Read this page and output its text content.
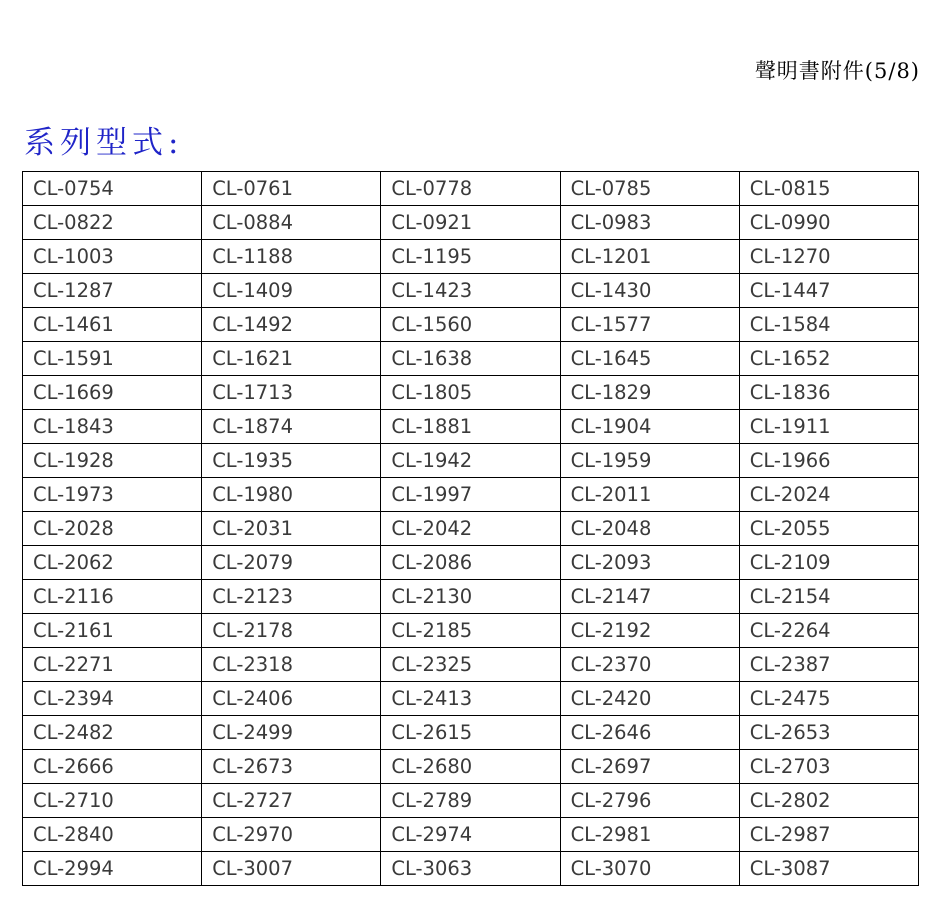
聲明書附件(5/8)
系列型式:
CL-0754	CL-0761	CL-0778	CL-0785	CL-0815
CL-0822	CL-0884	CL-0921	CL-0983	CL-0990
CL-1003	CL-1188	CL-1195	CL-1201	CL-1270
CL-1287	CL-1409	CL-1423	CL-1430	CL-1447
CL-1461	CL-1492	CL-1560	CL-1577	CL-1584
CL-1591	CL-1621	CL-1638	CL-1645	CL-1652
CL-1669	CL-1713	CL-1805	CL-1829	CL-1836
CL-1843	CL-1874	CL-1881	CL-1904	CL-1911
CL-1928	CL-1935	CL-1942	CL-1959	CL-1966
CL-1973	CL-1980	CL-1997	CL-2011	CL-2024
CL-2028	CL-2031	CL-2042	CL-2048	CL-2055
CL-2062	CL-2079	CL-2086	CL-2093	CL-2109
CL-2116	CL-2123	CL-2130	CL-2147	CL-2154
CL-2161	CL-2178	CL-2185	CL-2192	CL-2264
CL-2271	CL-2318	CL-2325	CL-2370	CL-2387
CL-2394	CL-2406	CL-2413	CL-2420	CL-2475
CL-2482	CL-2499	CL-2615	CL-2646	CL-2653
CL-2666	CL-2673	CL-2680	CL-2697	CL-2703
CL-2710	CL-2727	CL-2789	CL-2796	CL-2802
CL-2840	CL-2970	CL-2974	CL-2981	CL-2987
CL-2994	CL-3007	CL-3063	CL-3070	CL-3087
